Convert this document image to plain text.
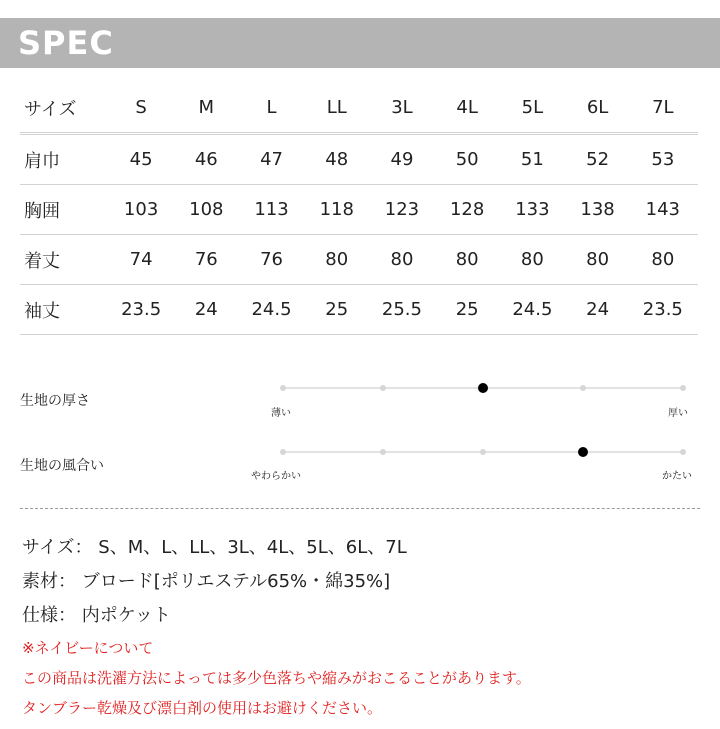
SPEC
サイズ	S	M	L	LL	3L	4L	5L	6L	7L
肩巾	45	46	47	48	49	50	51	52	53
胸囲	103	108	113	118	123	128	133	138	143
着丈	74	76	76	80	80	80	80	80	80
袖丈	23.5	24	24.5	25	25.5	25	24.5	24	23.5
生地の厚さ
薄い	厚い
生地の風合い
やわらかい	かたい
サイズ： S、M、L、LL、3L、4L、5L、6L、7L
素材： ブロード[ポリエステル65%・綿35%]
仕様： 内ポケット
※ネイビーについて
この商品は洗濯方法によっては多少色落ちや縮みがおこることがあります。
タンブラー乾燥及び漂白剤の使用はお避けください。
